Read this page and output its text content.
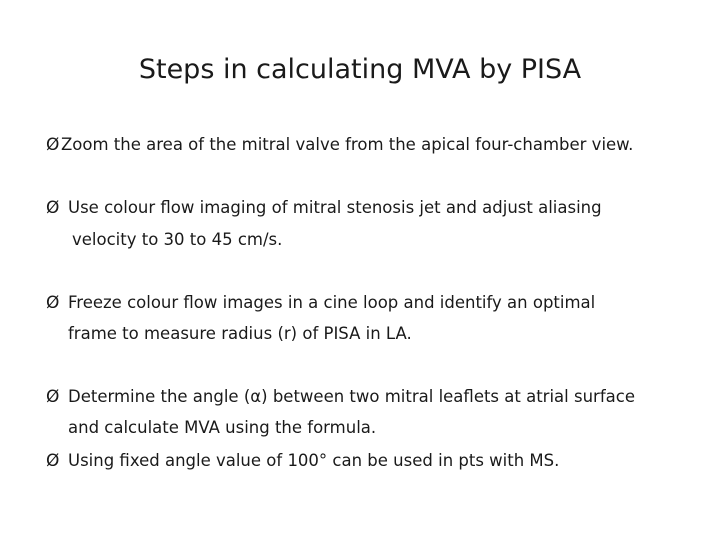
Steps in calculating MVA by PISA
Ø Zoom the area of the mitral valve from the apical four-chamber view.
Ø Use colour flow imaging of mitral stenosis jet and adjust aliasing
velocity to 30 to 45 cm/s.
Ø Freeze colour flow images in a cine loop and identify an optimal
frame to measure radius (r) of PISA in LA.
Ø Determine the angle (α) between two mitral leaflets at atrial surface
and calculate MVA using the formula.
Ø Using fixed angle value of 100° can be used in pts with MS.
